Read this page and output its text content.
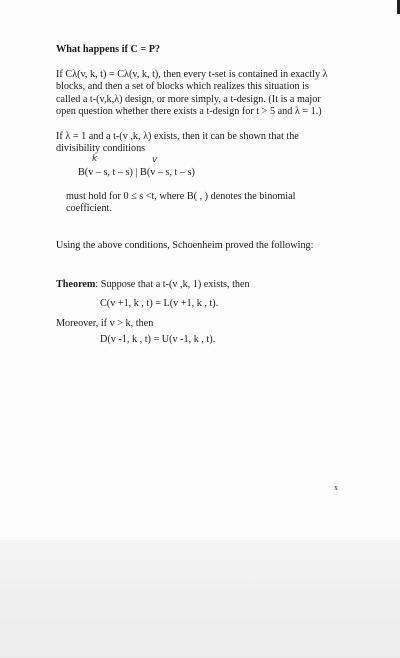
What happens if C = P?
If Cλ(v, k, t) = Cλ(v, k, t), then every t-set is contained in exactly λ
blocks, and then a set of blocks which realizes this situation is
called a t-(v,k,λ) design, or more simply, a t-design. (It is a major
open question whether there exists a t-design for t > 5 and λ = 1.)
If λ = 1 and a t-(v ,k, λ) exists, then it can be shown that the
divisibility conditions
k	v
B(v – s, t – s) | B(v – s, t – s)
must hold for 0 ≤ s <t, where B( , ) denotes the binomial
coefficient.
Using the above conditions, Schoenheim proved the following:
Theorem: Suppose that a t-(v ,k, 1) exists, then
C(v +1, k , t) = L(v +1, k , t).
Moreover, if v > k, then
D(v -1, k , t) = U(v -1, k , t).
x
